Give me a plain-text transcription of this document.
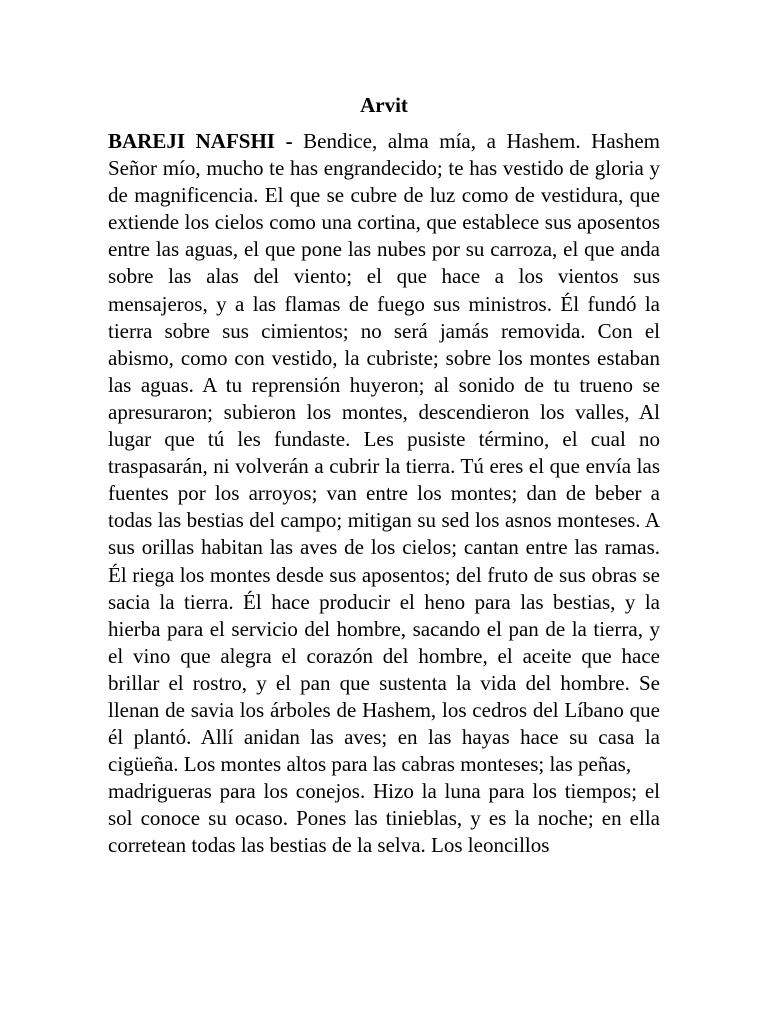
Arvit

BAREJI NAFSHI - Bendice, alma mía, a Hashem. Hashem Señor mío, mucho te has engrandecido; te has vestido de gloria y de magnificencia. El que se cubre de luz como de vestidura, que extiende los cielos como una cortina, que establece sus aposentos entre las aguas, el que pone las nubes por su carroza, el que anda sobre las alas del viento; el que hace a los vientos sus mensajeros, y a las flamas de fuego sus ministros. Él fundó la tierra sobre sus cimientos; no será jamás removida. Con el abismo, como con vestido, la cubriste; sobre los montes estaban las aguas. A tu reprensión huyeron; al sonido de tu trueno se apresuraron; subieron los montes, descendieron los valles, Al lugar que tú les fundaste. Les pusiste término, el cual no traspasarán, ni volverán a cubrir la tierra. Tú eres el que envía las fuentes por los arroyos; van entre los montes; dan de beber a todas las bestias del campo; mitigan su sed los asnos monteses. A sus orillas habitan las aves de los cielos; cantan entre las ramas. Él riega los montes desde sus aposentos; del fruto de sus obras se sacia la tierra. Él hace producir el heno para las bestias, y la hierba para el servicio del hombre, sacando el pan de la tierra, y el vino que alegra el corazón del hombre, el aceite que hace brillar el rostro, y el pan que sustenta la vida del hombre. Se llenan de savia los árboles de Hashem, los cedros del Líbano que él plantó. Allí anidan las aves; en las hayas hace su casa la cigüeña. Los montes altos para las cabras monteses; las peñas,

madrigueras para los conejos. Hizo la luna para los tiempos; el sol conoce su ocaso. Pones las tinieblas, y es la noche; en ella corretean todas las bestias de la selva. Los leoncillos
